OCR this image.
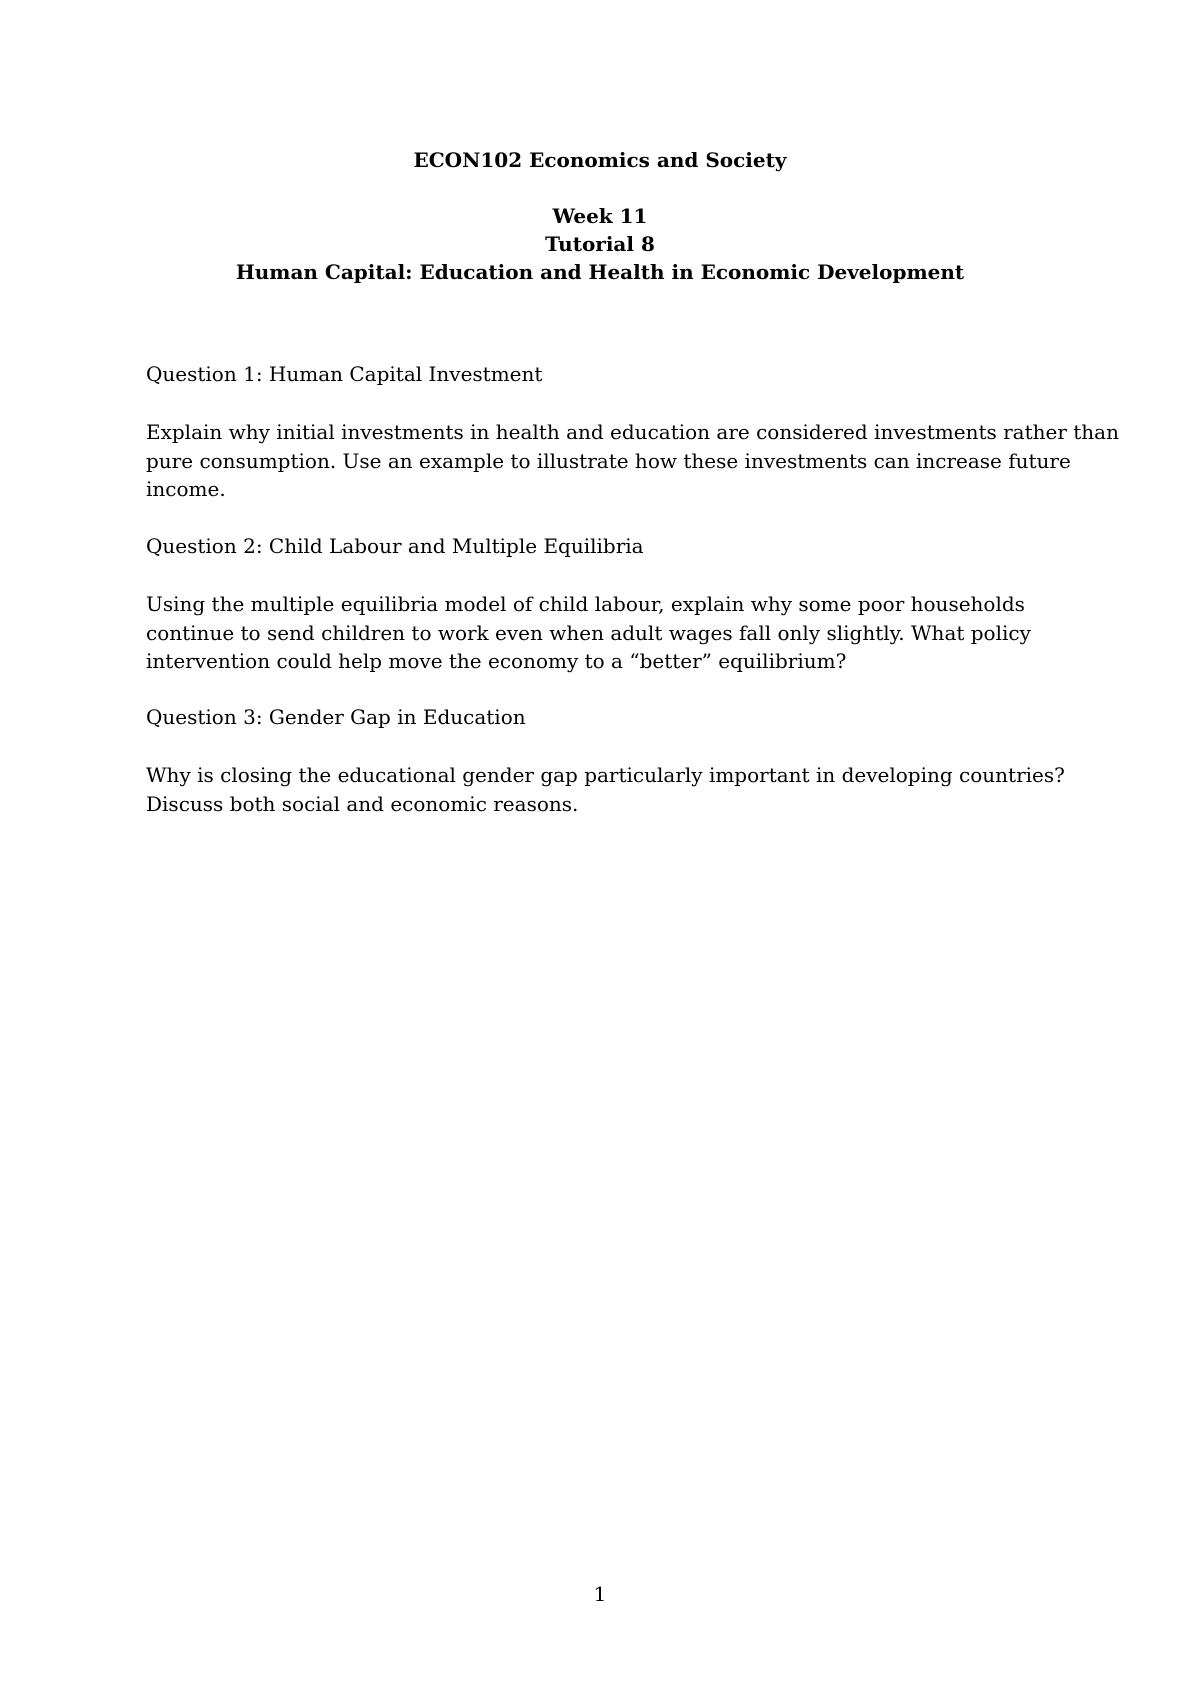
ECON102 Economics and Society
Week 11
Tutorial 8
Human Capital: Education and Health in Economic Development
Question 1: Human Capital Investment
Explain why initial investments in health and education are considered investments rather than
pure consumption. Use an example to illustrate how these investments can increase future
income.
Question 2: Child Labour and Multiple Equilibria
Using the multiple equilibria model of child labour, explain why some poor households
continue to send children to work even when adult wages fall only slightly. What policy
intervention could help move the economy to a “better” equilibrium?
Question 3: Gender Gap in Education
Why is closing the educational gender gap particularly important in developing countries?
Discuss both social and economic reasons.
1
